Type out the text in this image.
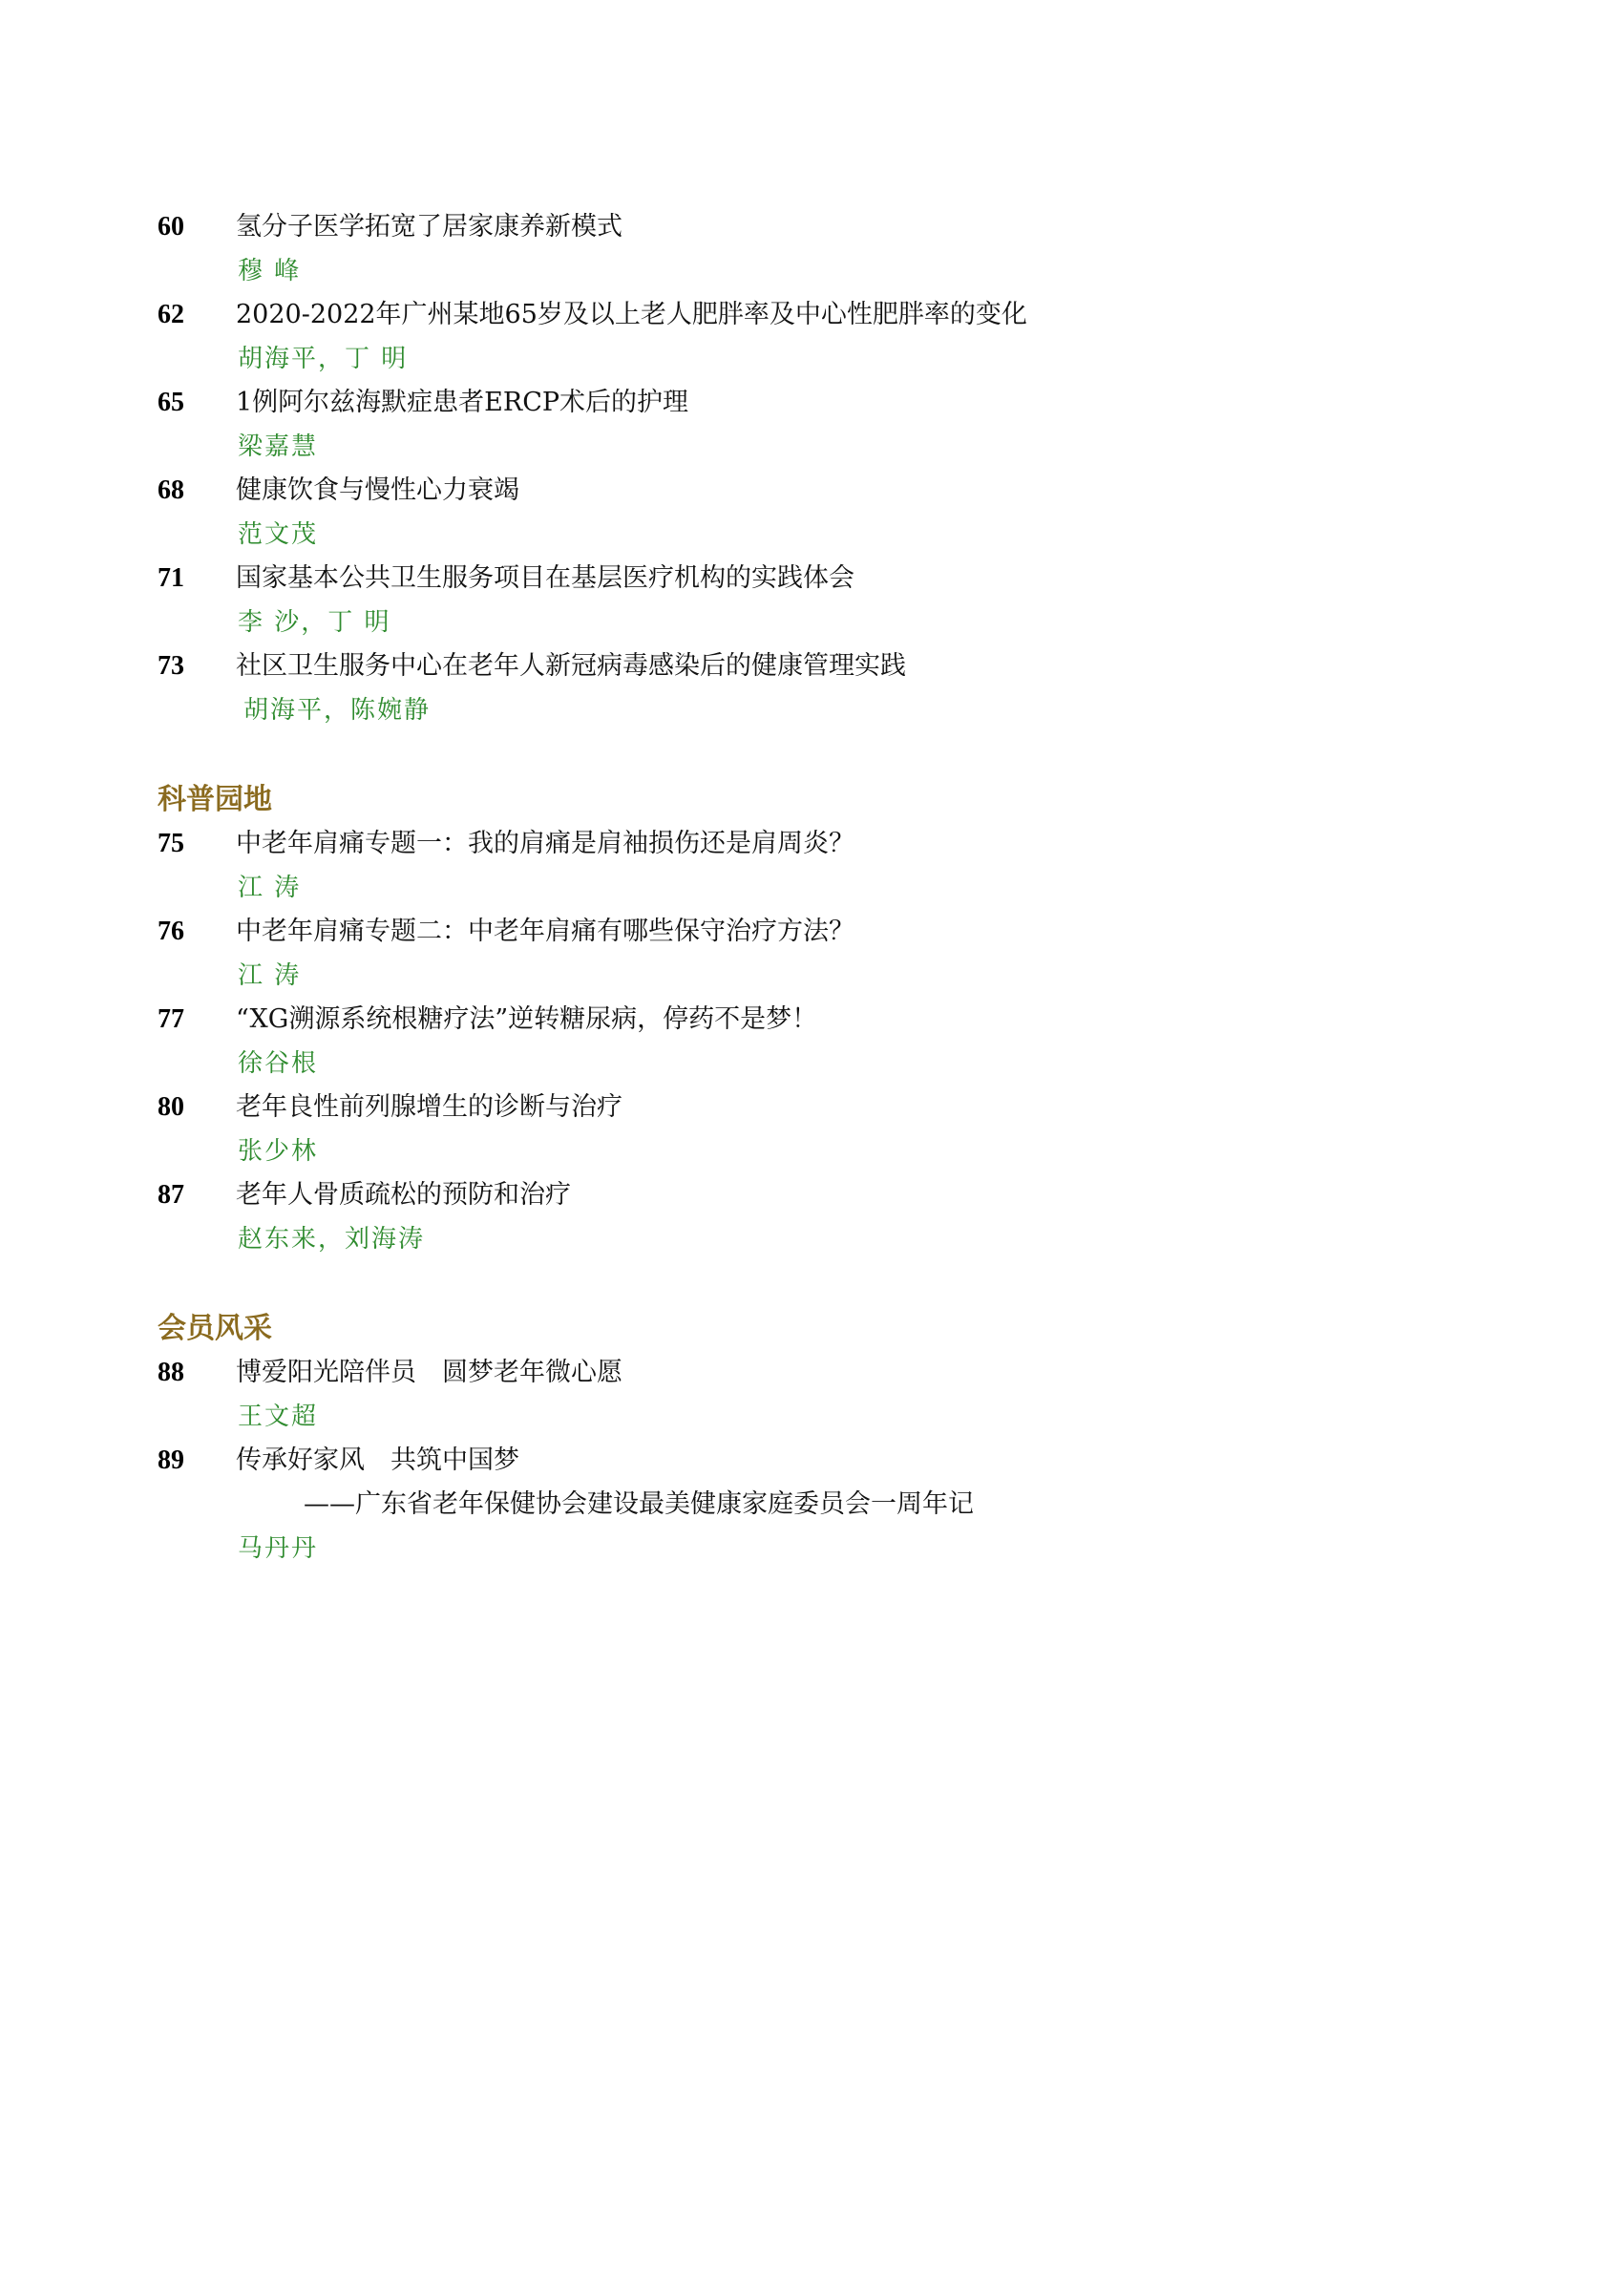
60 氢分子医学拓宽了居家康养新模式
穆 峰
62 2020-2022年广州某地65岁及以上老人肥胖率及中心性肥胖率的变化
胡海平，丁 明
65 1例阿尔兹海默症患者ERCP术后的护理
梁嘉慧
68 健康饮食与慢性心力衰竭
范文茂
71 国家基本公共卫生服务项目在基层医疗机构的实践体会
李 沙，丁 明
73 社区卫生服务中心在老年人新冠病毒感染后的健康管理实践
胡海平，陈婉静
科普园地
75 中老年肩痛专题一：我的肩痛是肩袖损伤还是肩周炎？
江 涛
76 中老年肩痛专题二：中老年肩痛有哪些保守治疗方法？
江 涛
77 “XG溯源系统根糖疗法”逆转糖尿病，停药不是梦！
徐谷根
80 老年良性前列腺增生的诊断与治疗
张少林
87 老年人骨质疏松的预防和治疗
赵东来，刘海涛
会员风采
88 博爱阳光陪伴员　圆梦老年微心愿
王文超
89 传承好家风　共筑中国梦
——广东省老年保健协会建设最美健康家庭委员会一周年记
马丹丹
